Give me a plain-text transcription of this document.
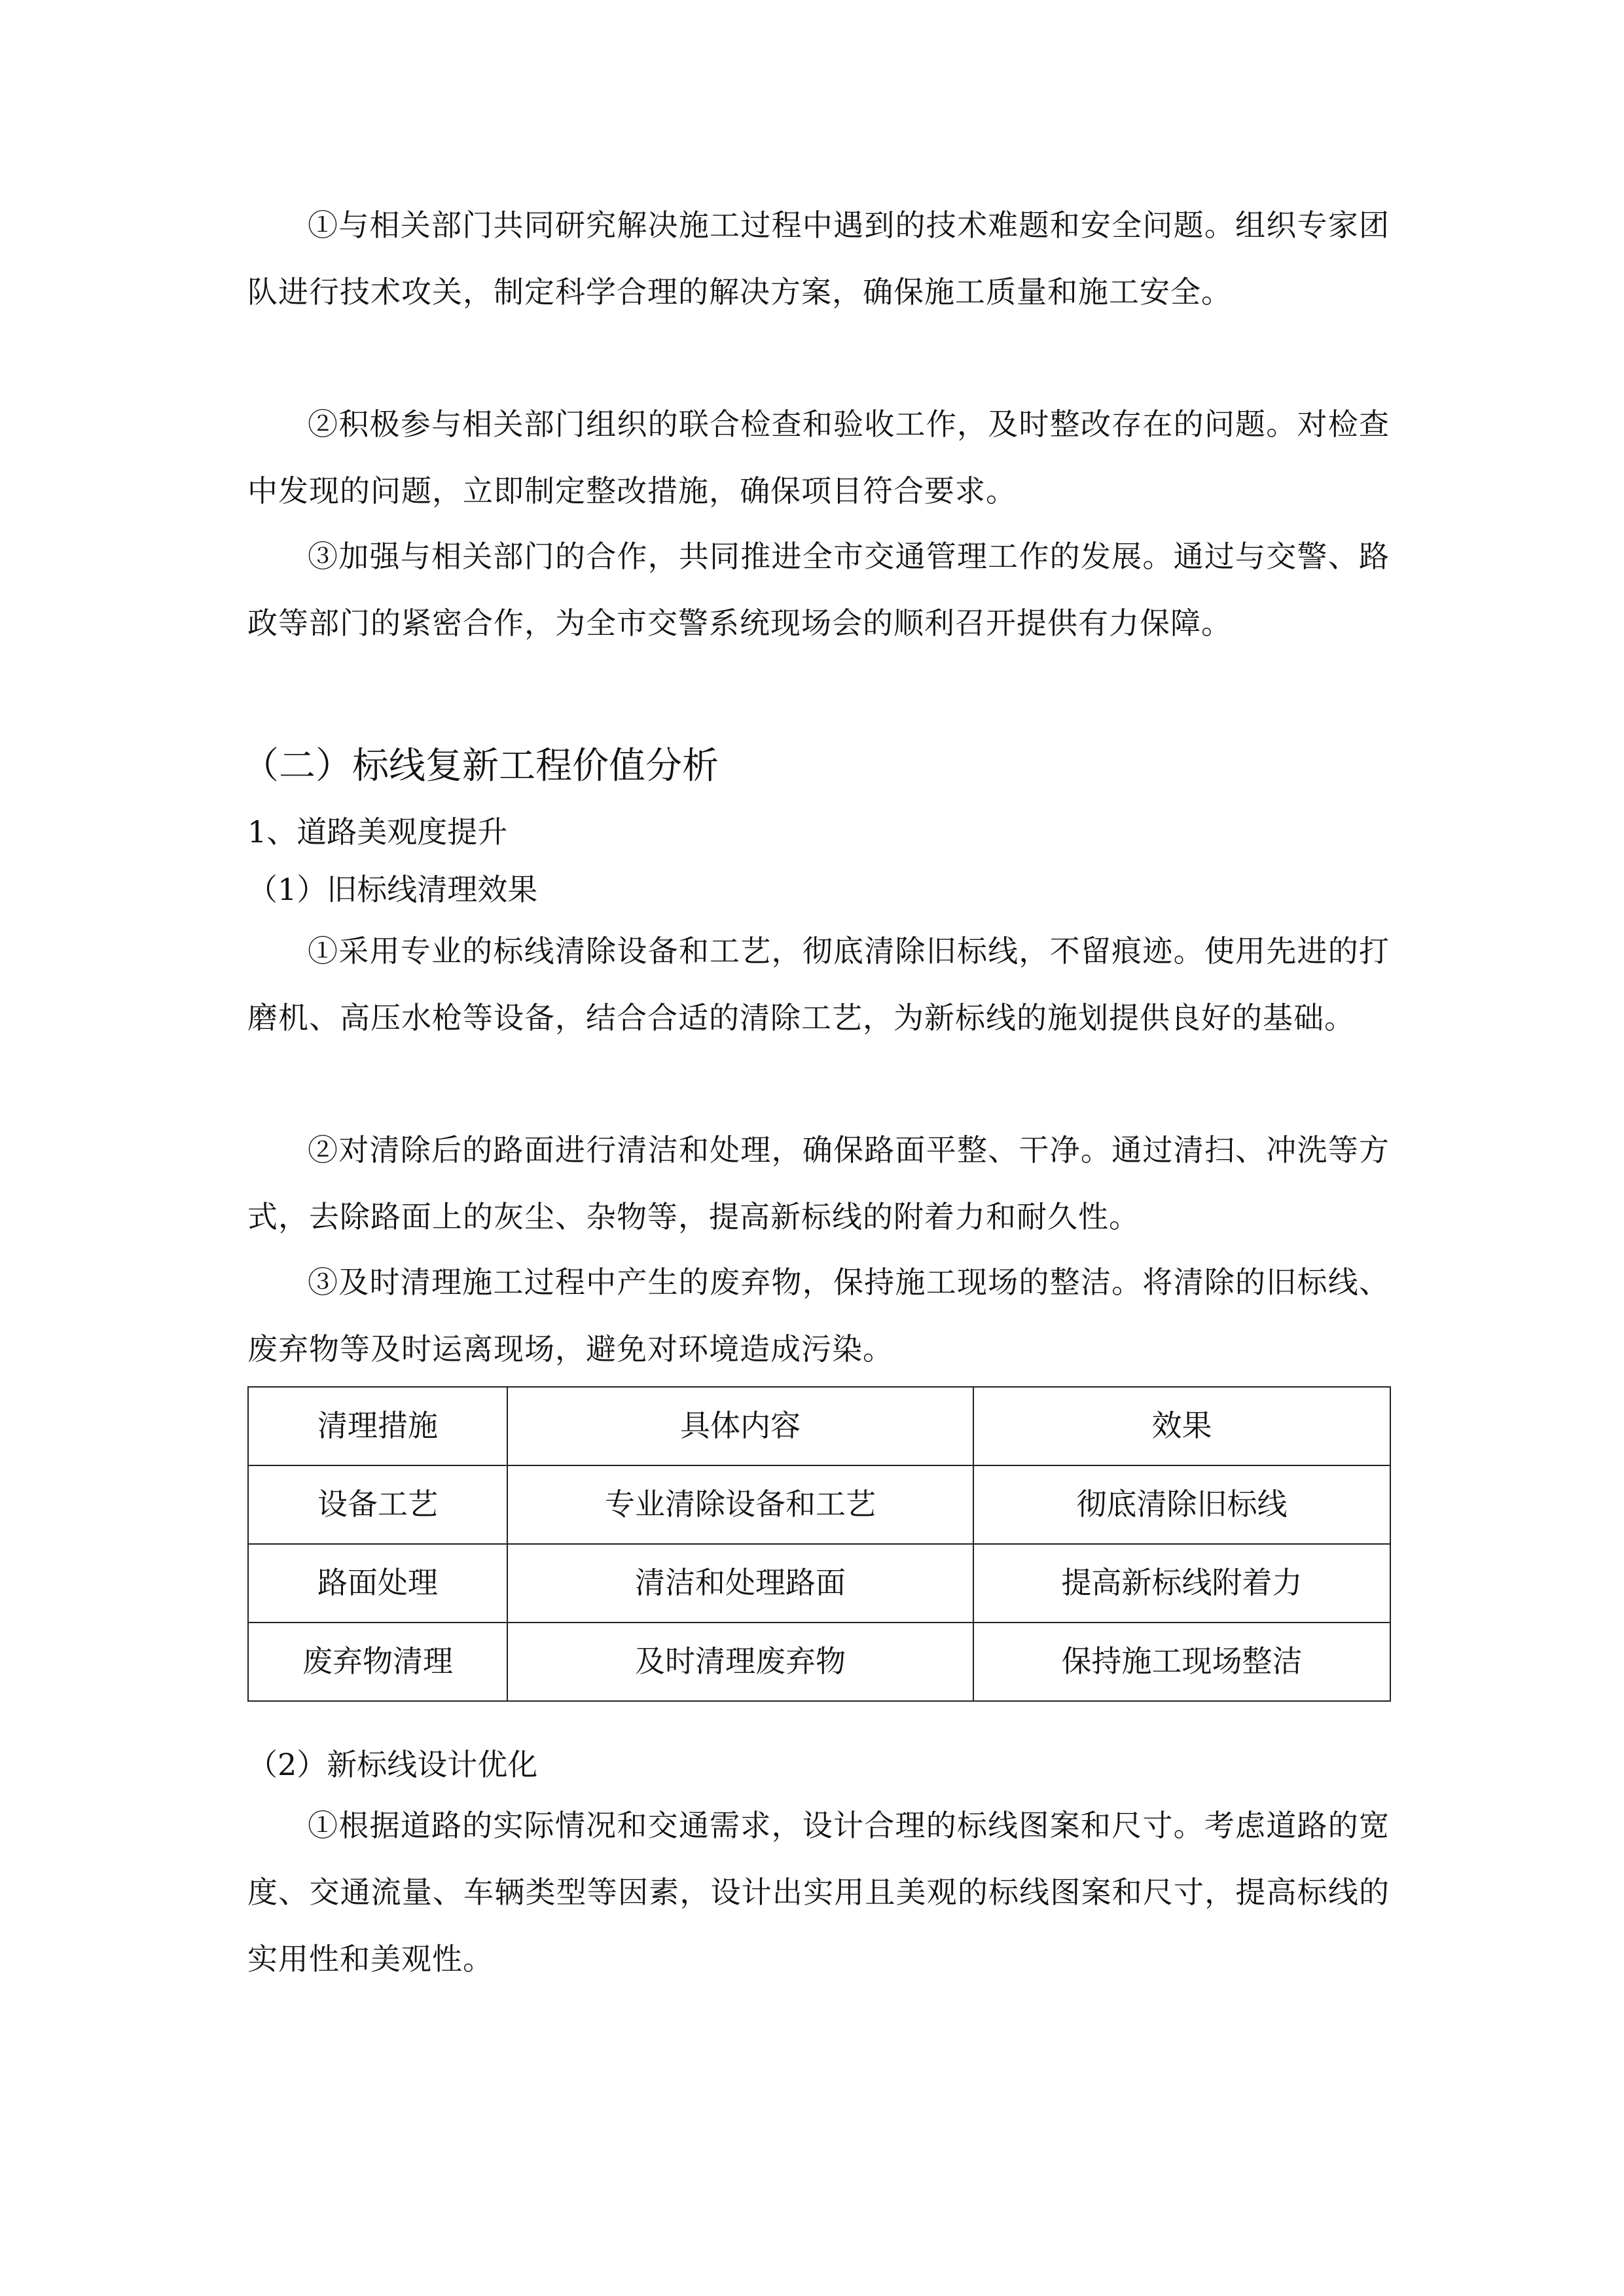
①与相关部门共同研究解决施工过程中遇到的技术难题和安全问题。组织专家团队进行技术攻关，制定科学合理的解决方案，确保施工质量和施工安全。

②积极参与相关部门组织的联合检查和验收工作，及时整改存在的问题。对检查中发现的问题，立即制定整改措施，确保项目符合要求。

③加强与相关部门的合作，共同推进全市交通管理工作的发展。通过与交警、路政等部门的紧密合作，为全市交警系统现场会的顺利召开提供有力保障。

（二）标线复新工程价值分析
1、道路美观度提升
（1）旧标线清理效果

①采用专业的标线清除设备和工艺，彻底清除旧标线，不留痕迹。使用先进的打磨机、高压水枪等设备，结合合适的清除工艺，为新标线的施划提供良好的基础。

②对清除后的路面进行清洁和处理，确保路面平整、干净。通过清扫、冲洗等方式，去除路面上的灰尘、杂物等，提高新标线的附着力和耐久性。

③及时清理施工过程中产生的废弃物，保持施工现场的整洁。将清除的旧标线、废弃物等及时运离现场，避免对环境造成污染。

清理措施	具体内容	效果
设备工艺	专业清除设备和工艺	彻底清除旧标线
路面处理	清洁和处理路面	提高新标线附着力
废弃物清理	及时清理废弃物	保持施工现场整洁
（2）新标线设计优化

①根据道路的实际情况和交通需求，设计合理的标线图案和尺寸。考虑道路的宽度、交通流量、车辆类型等因素，设计出实用且美观的标线图案和尺寸，提高标线的实用性和美观性。
